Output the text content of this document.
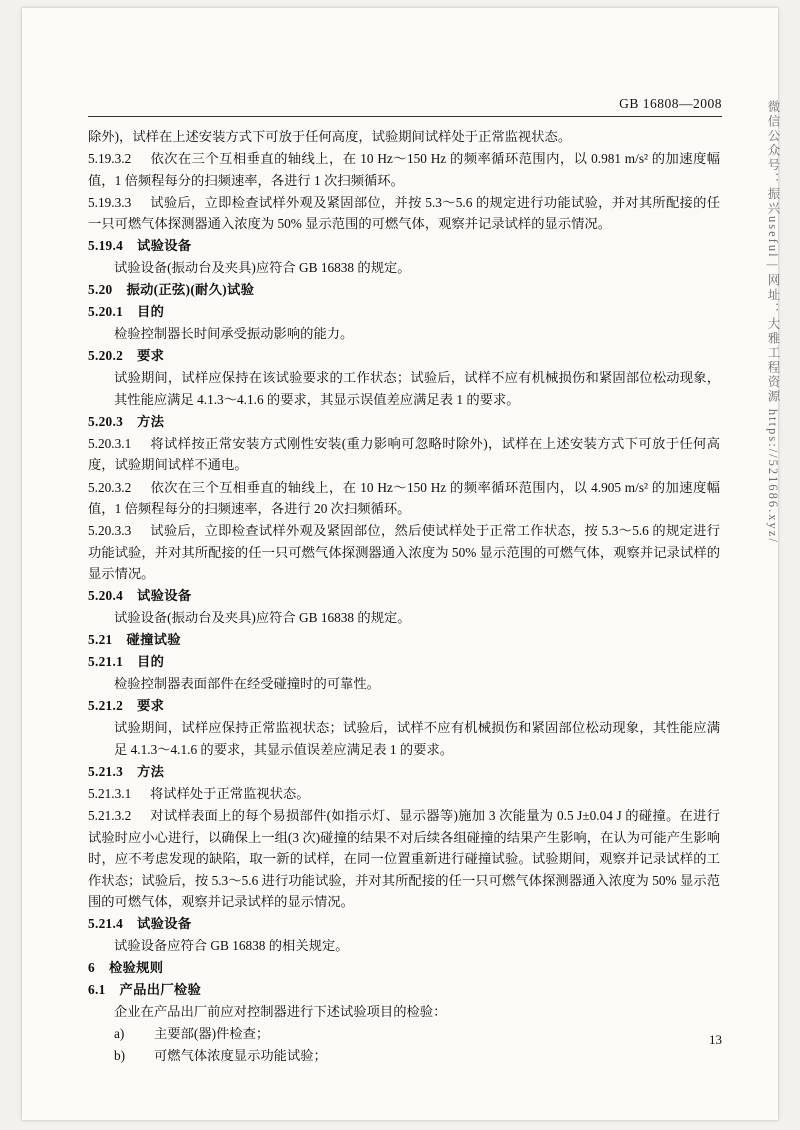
GB 16808—2008

除外)，试样在上述安装方式下可放于任何高度，试验期间试样处于正常监视状态。

5.19.3.2 依次在三个互相垂直的轴线上，在 10 Hz～150 Hz 的频率循环范围内，以 0.981 m/s² 的加速度幅值，1 倍频程每分的扫频速率，各进行 1 次扫频循环。

5.19.3.3 试验后，立即检查试样外观及紧固部位，并按 5.3～5.6 的规定进行功能试验，并对其所配接的任一只可燃气体探测器通入浓度为 50% 显示范围的可燃气体，观察并记录试样的显示情况。

5.19.4 试验设备

试验设备(振动台及夹具)应符合 GB 16838 的规定。

5.20 振动(正弦)(耐久)试验

5.20.1 目的

检验控制器长时间承受振动影响的能力。

5.20.2 要求

试验期间，试样应保持在该试验要求的工作状态；试验后，试样不应有机械损伤和紧固部位松动现象，其性能应满足 4.1.3～4.1.6 的要求，其显示误值差应满足表 1 的要求。

5.20.3 方法

5.20.3.1 将试样按正常安装方式刚性安装(重力影响可忽略时除外)，试样在上述安装方式下可放于任何高度，试验期间试样不通电。

5.20.3.2 依次在三个互相垂直的轴线上，在 10 Hz～150 Hz 的频率循环范围内，以 4.905 m/s² 的加速度幅值，1 倍频程每分的扫频速率，各进行 20 次扫频循环。

5.20.3.3 试验后，立即检查试样外观及紧固部位，然后使试样处于正常工作状态，按 5.3～5.6 的规定进行功能试验，并对其所配接的任一只可燃气体探测器通入浓度为 50% 显示范围的可燃气体，观察并记录试样的显示情况。

5.20.4 试验设备

试验设备(振动台及夹具)应符合 GB 16838 的规定。

5.21 碰撞试验

5.21.1 目的

检验控制器表面部件在经受碰撞时的可靠性。

5.21.2 要求

试验期间，试样应保持正常监视状态；试验后，试样不应有机械损伤和紧固部位松动现象，其性能应满足 4.1.3～4.1.6 的要求，其显示值误差应满足表 1 的要求。

5.21.3 方法

5.21.3.1 将试样处于正常监视状态。

5.21.3.2 对试样表面上的每个易损部件(如指示灯、显示器等)施加 3 次能量为 0.5 J±0.04 J 的碰撞。在进行试验时应小心进行，以确保上一组(3 次)碰撞的结果不对后续各组碰撞的结果产生影响，在认为可能产生影响时，应不考虑发现的缺陷，取一新的试样，在同一位置重新进行碰撞试验。试验期间，观察并记录试样的工作状态；试验后，按 5.3～5.6 进行功能试验，并对其所配接的任一只可燃气体探测器通入浓度为 50% 显示范围的可燃气体，观察并记录试样的显示情况。

5.21.4 试验设备

试验设备应符合 GB 16838 的相关规定。

6 检验规则

6.1 产品出厂检验

企业在产品出厂前应对控制器进行下述试验项目的检验：

a) 主要部(器)件检查；

b) 可燃气体浓度显示功能试验；

13
微信公众号：振兴useful | 网址：大雅工程资源 https://521686.xyz/
